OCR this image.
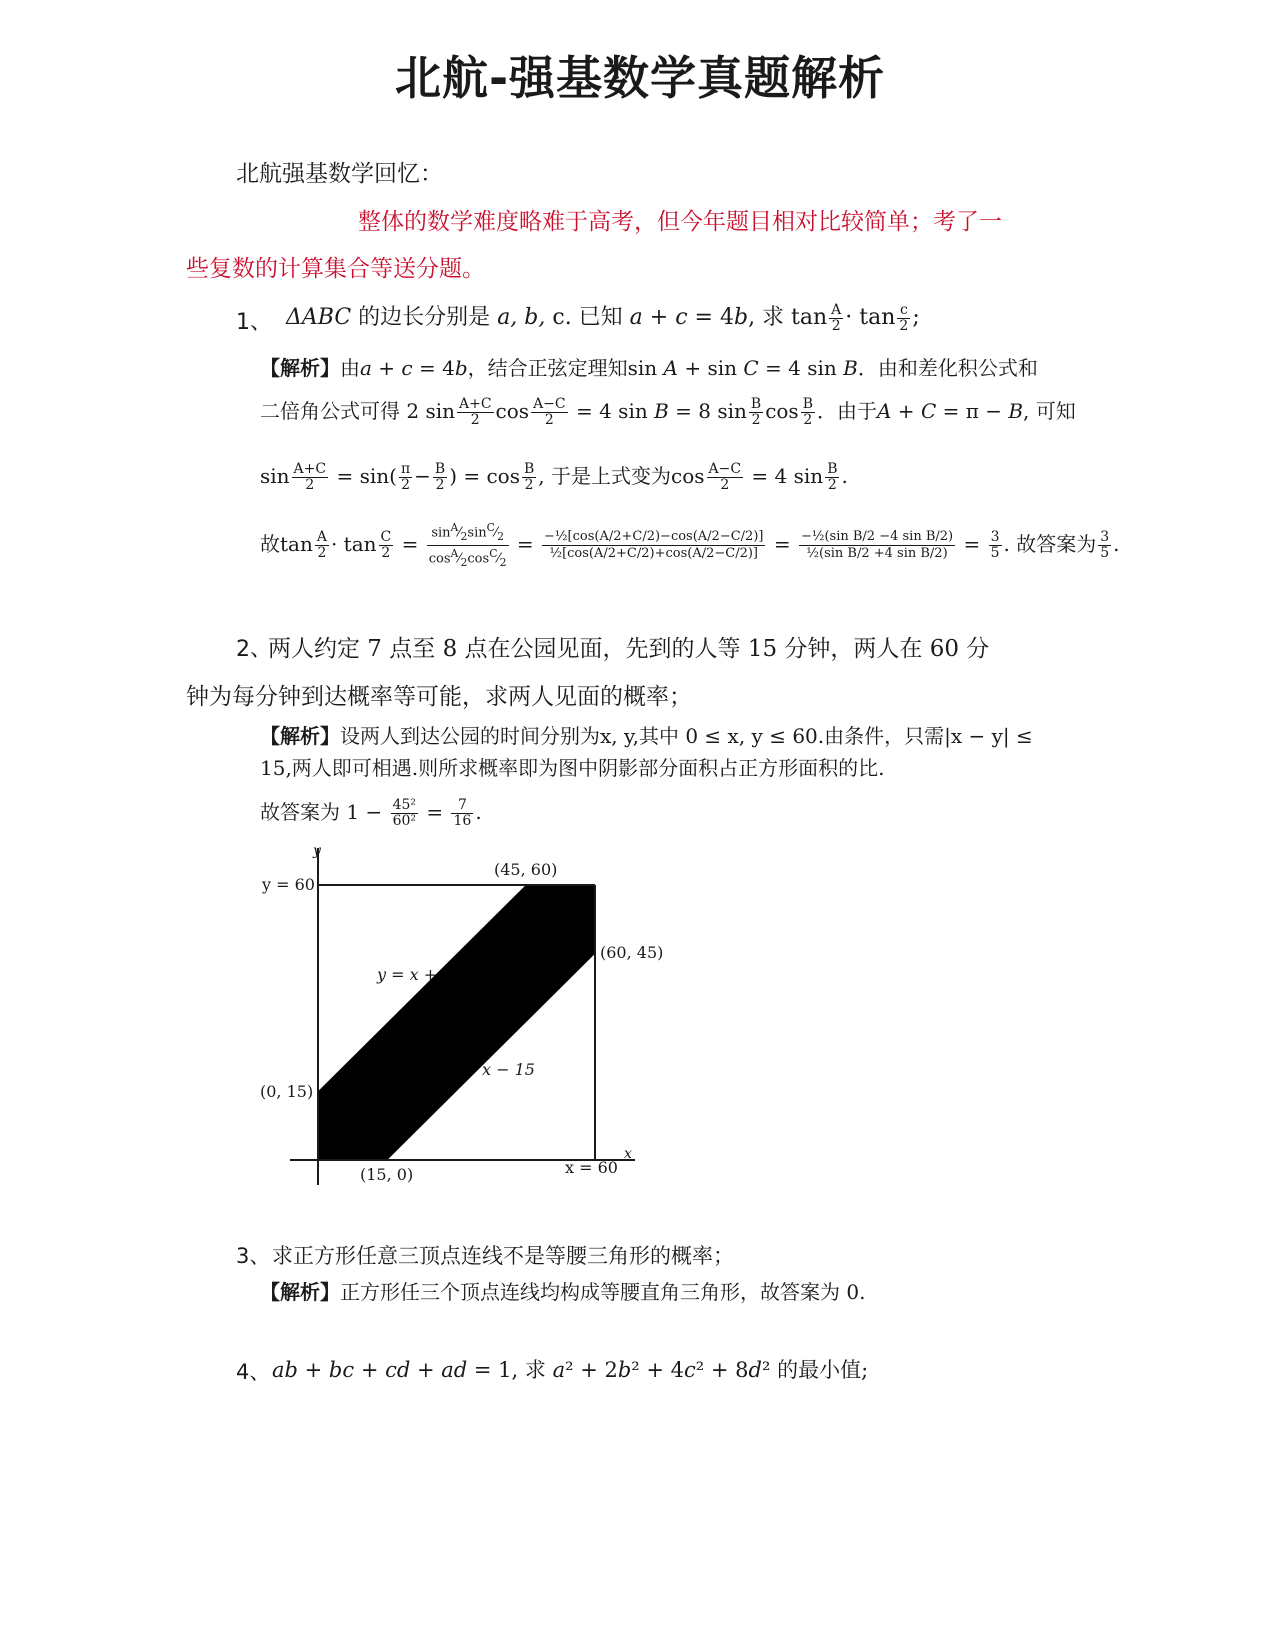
北航-强基数学真题解析
北航强基数学回忆：
整体的数学难度略难于高考，但今年题目相对比较简单；考了一
些复数的计算集合等送分题。
1、 ΔABC 的边长分别是 a, b, c. 已知 a + c = 4b, 求 $\tan \frac{A}{2} \cdot \tan \frac{c}{2}$ ;
【解析】由a + c = 4b，结合正弦定理知sin A + sin C = 4 sin B．由和差化积公式和
二倍角公式可得 2 $\sin \frac{A+C}{2}$ $\cos \frac{A-C}{2} = 4$ sin B = 8 $\sin \frac{B}{2}$ $\cos \frac{B}{2}$ ．由于A + C = π − B, 可知
$\sin \frac{A+C}{2} = \sin( \frac{\pi}{2} - \frac{B}{2}$ ) = $\cos \frac{B}{2}$ , 于是上式变为$\cos \frac{A-C}{2} = 4$ $\sin \frac{B}{2}$ .
故$\tan \frac{A}{2} \cdot \tan \frac{C}{2} = \frac{\sin^A⁄_2\sin^C⁄_2}{\cos^A⁄_2\cos^C⁄_2} = \frac{\text{−½[cos(A/2+C/2)−cos(A/2−C/2)]}}{\text{½[cos(A/2+C/2)+cos(A/2−C/2)]}} = \frac{\text{−½(sin B/2 −4 sin B/2)}}{\text{½(sin B/2 +4 sin B/2)}} = \frac{3}{5}$ . 故答案为 $\frac{3}{5}$ .
2、
两人约定 7 点至 8 点在公园见面，先到的人等 15 分钟，两人在 60 分
钟为每分钟到达概率等可能，求两人见面的概率；
【解析】设两人到达公园的时间分别为x, y,其中 0 ≤ x, y ≤ 60.由条件，只需|x − y| ≤
15,两人即可相遇.则所求概率即为图中阴影部分面积占正方形面积的比.
故答案为 $1 - \frac{\text{45²}}{\text{60²}} = \frac{7}{16}$ .
y
x
y = 60
x = 60
(45, 60)
(60, 45)
(0, 15)
(15, 0)
y = x +
x − 15
3、 求正方形任意三顶点连线不是等腰三角形的概率；
【解析】正方形任三个顶点连线均构成等腰直角三角形，故答案为 0.
4、 ab + bc + cd + ad = 1, 求 a² + 2b² + 4c² + 8d² 的最小值;
